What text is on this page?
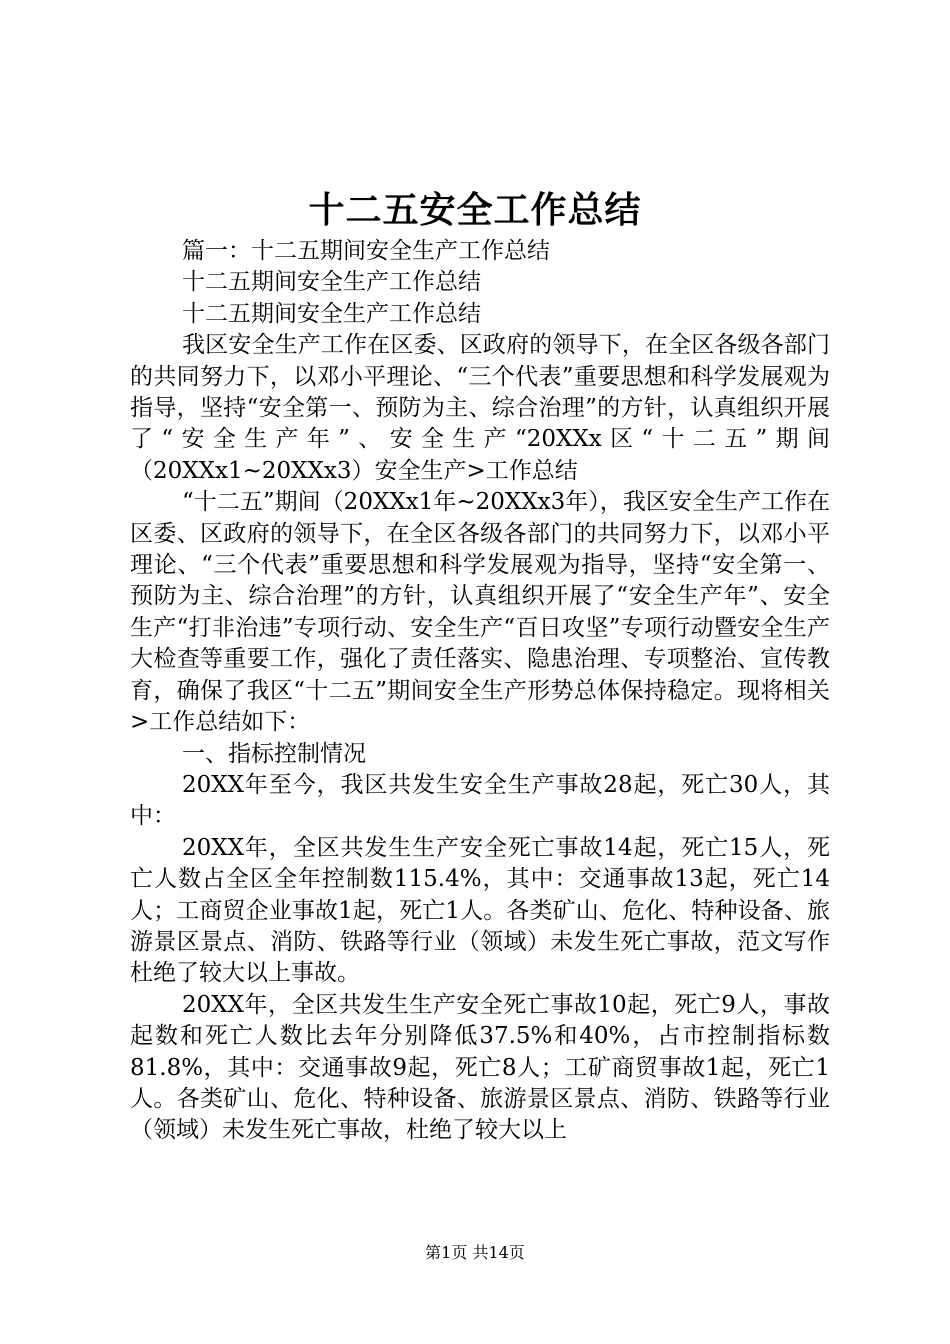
十二五安全工作总结

篇一：十二五期间安全生产工作总结

十二五期间安全生产工作总结

十二五期间安全生产工作总结

我区安全生产工作在区委、区政府的领导下，在全区各级各部门的共同努力下，以邓小平理论、“三个代表”重要思想和科学发展观为指导，坚持“安全第一、预防为主、综合治理”的方针，认真组织开展了“安全生产年”、安全生产“20XXx区“十二五”期间（20XXx1~20XXx3）安全生产>工作总结

“十二五”期间（20XXx1年~20XXx3年），我区安全生产工作在区委、区政府的领导下，在全区各级各部门的共同努力下，以邓小平理论、“三个代表”重要思想和科学发展观为指导，坚持“安全第一、预防为主、综合治理”的方针，认真组织开展了“安全生产年”、安全生产“打非治违”专项行动、安全生产“百日攻坚”专项行动暨安全生产大检查等重要工作，强化了责任落实、隐患治理、专项整治、宣传教育，确保了我区“十二五”期间安全生产形势总体保持稳定。现将相关>工作总结如下：

一、指标控制情况

20XX年至今，我区共发生安全生产事故28起，死亡30人，其中：

20XX年，全区共发生生产安全死亡事故14起，死亡15人，死亡人数占全区全年控制数115.4%，其中：交通事故13起，死亡14人；工商贸企业事故1起，死亡1人。各类矿山、危化、特种设备、旅游景区景点、消防、铁路等行业（领域）未发生死亡事故，范文写作杜绝了较大以上事故。

20XX年，全区共发生生产安全死亡事故10起，死亡9人，事故起数和死亡人数比去年分别降低37.5%和40%，占市控制指标数81.8%，其中：交通事故9起，死亡8人；工矿商贸事故1起，死亡1人。各类矿山、危化、特种设备、旅游景区景点、消防、铁路等行业（领域）未发生死亡事故，杜绝了较大以上

第1页 共14页
